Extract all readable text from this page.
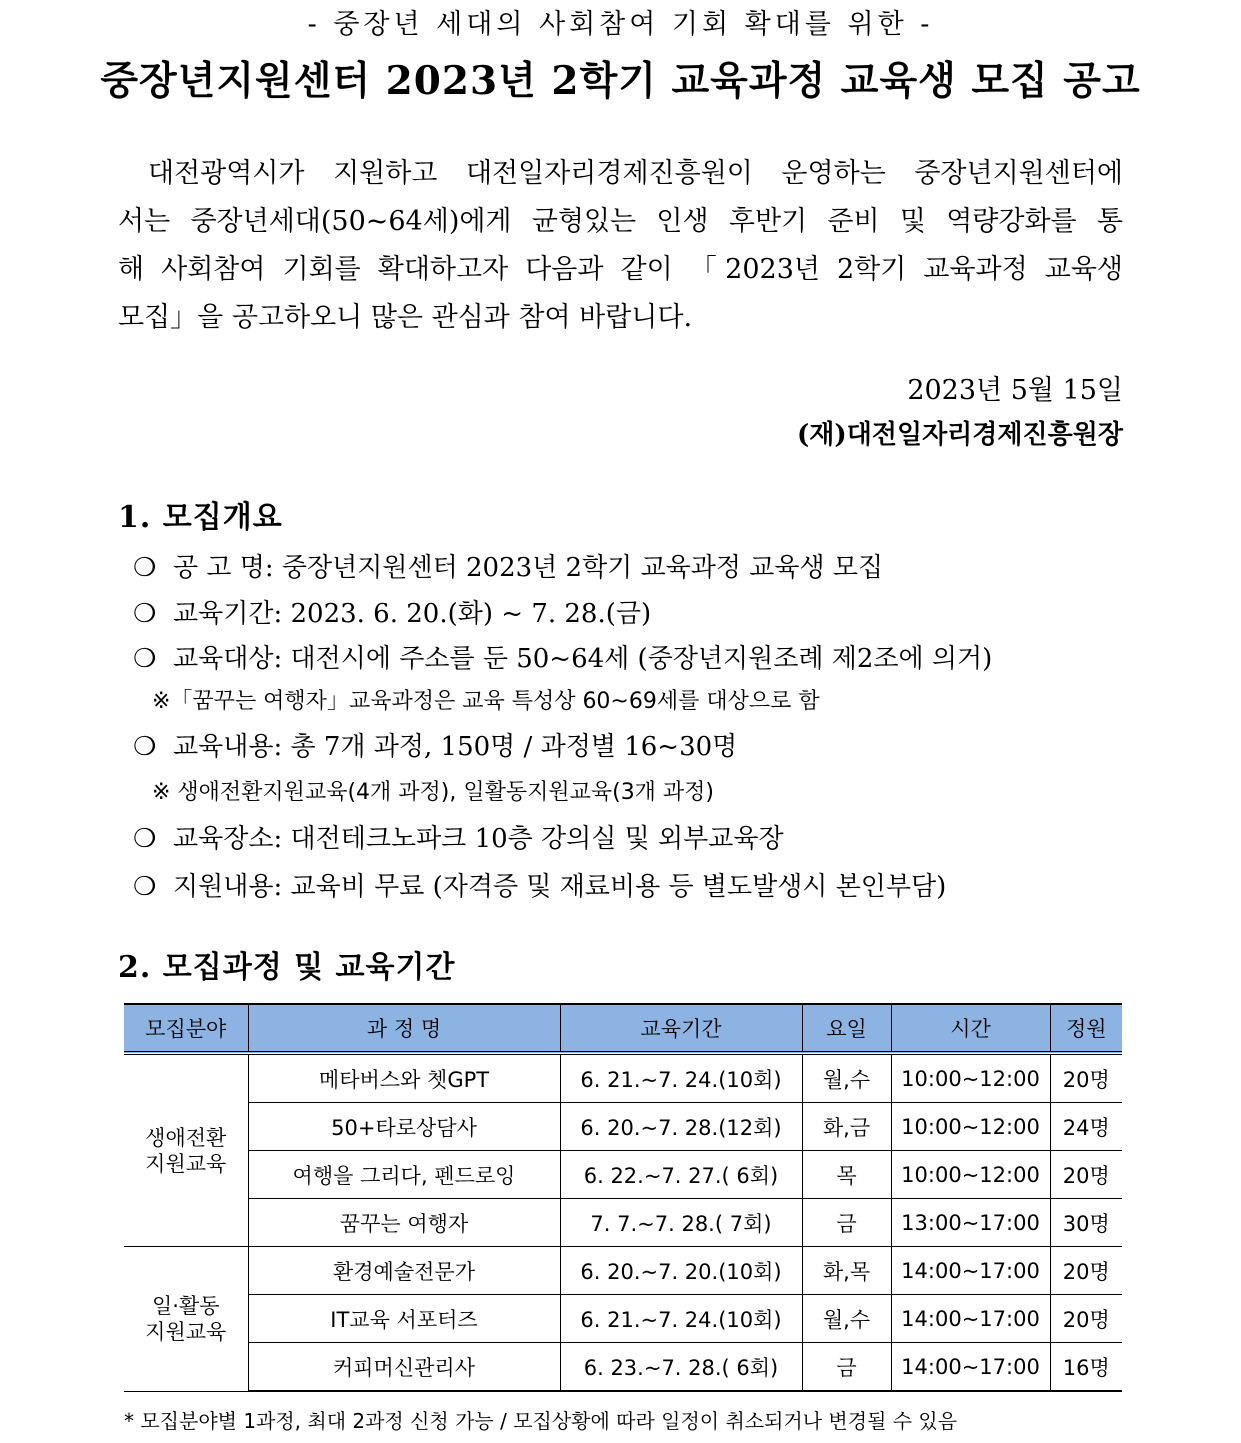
- 중장년 세대의 사회참여 기회 확대를 위한 -
중장년지원센터 2023년 2학기 교육과정 교육생 모집 공고
대전광역시가 지원하고 대전일자리경제진흥원이 운영하는 중장년지원센터에
서는 중장년세대(50~64세)에게 균형있는 인생 후반기 준비 및 역량강화를 통
해 사회참여 기회를 확대하고자 다음과 같이 「2023년 2학기 교육과정 교육생
모집」을 공고하오니 많은 관심과 참여 바랍니다.
2023년 5월 15일
(재)대전일자리경제진흥원장
1. 모집개요
❍ 공 고 명: 중장년지원센터 2023년 2학기 교육과정 교육생 모집
❍ 교육기간: 2023. 6. 20.(화) ~ 7. 28.(금)
❍ 교육대상: 대전시에 주소를 둔 50~64세 (중장년지원조례 제2조에 의거)
※「꿈꾸는 여행자」교육과정은 교육 특성상 60~69세를 대상으로 함
❍ 교육내용: 총 7개 과정, 150명 / 과정별 16~30명
※ 생애전환지원교육(4개 과정), 일활동지원교육(3개 과정)
❍ 교육장소: 대전테크노파크 10층 강의실 및 외부교육장
❍ 지원내용: 교육비 무료 (자격증 및 재료비용 등 별도발생시 본인부담)
2. 모집과정 및 교육기간
모집분야	과 정 명	교육기간	요일	시간	정원

생애전환
지원교육	메타버스와 쳇GPT	6. 21.~7. 24.(10회)	월,수	10:00~12:00	20명
	50+타로상담사	6. 20.~7. 28.(12회)	화,금	10:00~12:00	24명
	여행을 그리다, 펜드로잉	6. 22.~7. 27.( 6회)	목	10:00~12:00	20명
	꿈꾸는 여행자	7. 7.~7. 28.( 7회)	금	13:00~17:00	30명

일·활동
지원교육	환경예술전문가	6. 20.~7. 20.(10회)	화,목	14:00~17:00	20명
	IT교육 서포터즈	6. 21.~7. 24.(10회)	월,수	14:00~17:00	20명
	커피머신관리사	6. 23.~7. 28.( 6회)	금	14:00~17:00	16명
* 모집분야별 1과정, 최대 2과정 신청 가능 / 모집상황에 따라 일정이 취소되거나 변경될 수 있음
